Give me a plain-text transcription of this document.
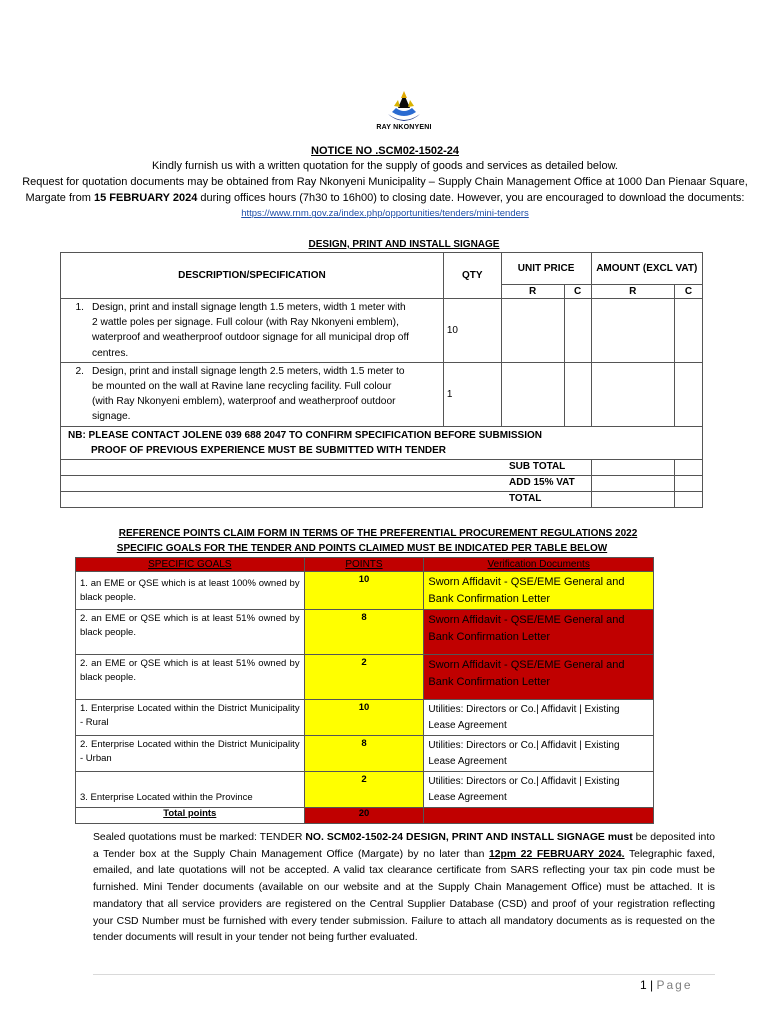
RAY NKONYENI
NOTICE NO .SCM02-1502-24
Kindly furnish us with a written quotation for the supply of goods and services as detailed below.
Request for quotation documents may be obtained from Ray Nkonyeni Municipality – Supply Chain Management Office at 1000 Dan Pienaar Square, Margate from 15 FEBRUARY 2024 during offices hours (7h30 to 16h00) to closing date. However, you are encouraged to download the documents: https://www.rnm.gov.za/index.php/opportunities/tenders/mini-tenders
DESIGN, PRINT AND INSTALL SIGNAGE
DESCRIPTION/SPECIFICATION	QTY	UNIT PRICE		AMOUNT (EXCL VAT)	
		R	C	R	C
1. Design, print and install signage length 1.5 meters, width 1 meter with 2 wattle poles per signage. Full colour (with Ray Nkonyeni emblem), waterproof and weatherproof outdoor signage for all municipal drop off centres.	10				
2. Design, print and install signage length 2.5 meters, width 1.5 meter to be mounted on the wall at Ravine lane recycling facility. Full colour (with Ray Nkonyeni emblem), waterproof and weatherproof outdoor signage.	1				

NB: PLEASE CONTACT JOLENE 039 688 2047 TO CONFIRM SPECIFICATION BEFORE SUBMISSION
PROOF OF PREVIOUS EXPERIENCE MUST BE SUBMITTED WITH TENDER					

SUB TOTAL					
ADD 15% VAT					
TOTAL					
REFERENCE POINTS CLAIM FORM IN TERMS OF THE PREFERENTIAL PROCUREMENT REGULATIONS 2022
SPECIFIC GOALS FOR THE TENDER AND POINTS CLAIMED MUST BE INDICATED PER TABLE BELOW
SPECIFIC GOALS	POINTS	Verification Documents
1. an EME or QSE which is at least 100% owned by black people.	10	Sworn Affidavit - QSE/EME General and Bank Confirmation Letter
2. an EME or QSE which is at least 51% owned by black people.	8	Sworn Affidavit - QSE/EME General and Bank Confirmation Letter
2. an EME or QSE which is at least 51% owned by black people.	2	Sworn Affidavit - QSE/EME General and Bank Confirmation Letter
1. Enterprise Located within the District Municipality - Rural	10	Utilities: Directors or Co.| Affidavit | Existing Lease Agreement
2. Enterprise Located within the District Municipality - Urban	8	Utilities: Directors or Co.| Affidavit | Existing Lease Agreement
3. Enterprise Located within the Province	2	Utilities: Directors or Co.| Affidavit | Existing Lease Agreement
Total points	20	
Sealed quotations must be marked: TENDER NO. SCM02-1502-24 DESIGN, PRINT AND INSTALL SIGNAGE must be deposited into a Tender box at the Supply Chain Management Office (Margate) by no later than 12pm 22 FEBRUARY 2024. Telegraphic faxed, emailed, and late quotations will not be accepted. A valid tax clearance certificate from SARS reflecting your tax pin code must be furnished. Mini Tender documents (available on our website and at the Supply Chain Management Office) must be attached. It is mandatory that all service providers are registered on the Central Supplier Database (CSD) and proof of your registration reflecting your CSD Number must be furnished with every tender submission. Failure to attach all mandatory documents as is requested on the tender documents will result in your tender not being further evaluated.
1 | Page
